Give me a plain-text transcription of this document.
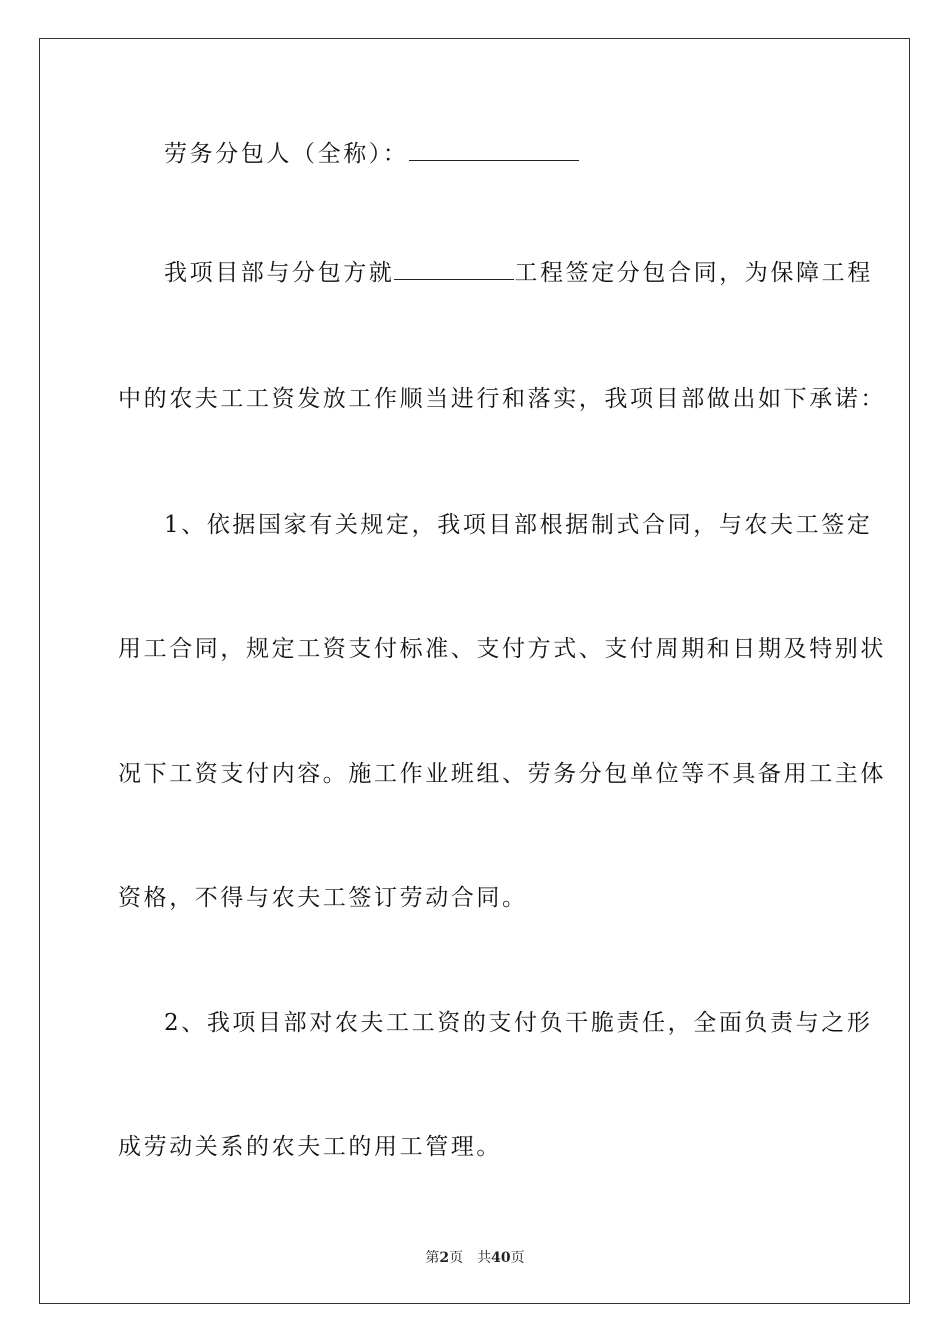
劳务分包人（全称）：
我项目部与分包方就	工程签定分包合同，为保障工程
中的农夫工工资发放工作顺当进行和落实，我项目部做出如下承诺：
1、依据国家有关规定，我项目部根据制式合同，与农夫工签定
用工合同，规定工资支付标准、支付方式、支付周期和日期及特别状
况下工资支付内容。施工作业班组、劳务分包单位等不具备用工主体
资格，不得与农夫工签订劳动合同。
2、我项目部对农夫工工资的支付负干脆责任，全面负责与之形
成劳动关系的农夫工的用工管理。
第2页 共40页
